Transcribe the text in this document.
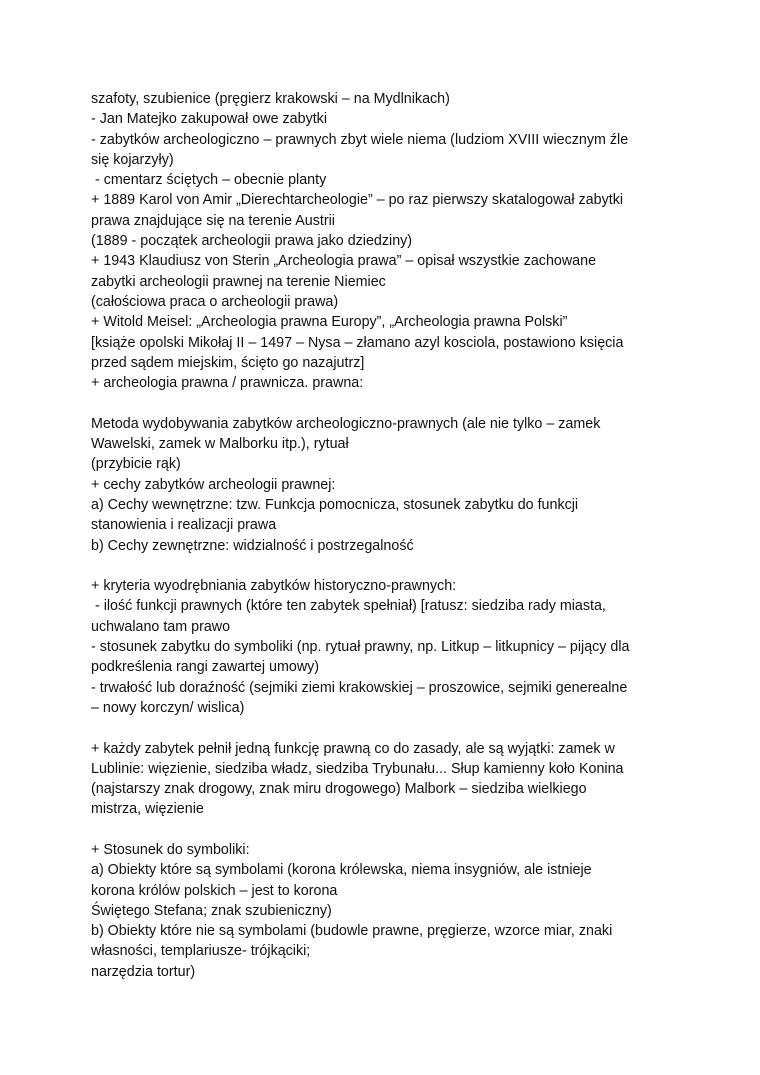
szafoty, szubienice (pręgierz krakowski – na Mydlnikach)
- Jan Matejko zakupował owe zabytki
- zabytków archeologiczno – prawnych zbyt wiele niema (ludziom XVIII wiecznym źle
się kojarzyły)
- cmentarz ściętych – obecnie planty
+ 1889 Karol von Amir „Dierechtarcheologie” – po raz pierwszy skatalogował zabytki
prawa znajdujące się na terenie Austrii
(1889 - początek archeologii prawa jako dziedziny)
+ 1943 Klaudiusz von Sterin „Archeologia prawa” – opisał wszystkie zachowane
zabytki archeologii prawnej na terenie Niemiec
(całościowa praca o archeologii prawa)
+ Witold Meisel: „Archeologia prawna Europy”, „Archeologia prawna Polski”
[książe opolski Mikołaj II – 1497 – Nysa – złamano azyl kosciola, postawiono księcia
przed sądem miejskim, ścięto go nazajutrz]
+ archeologia prawna / prawnicza. prawna:
Metoda wydobywania zabytków archeologiczno-prawnych (ale nie tylko – zamek
Wawelski, zamek w Malborku itp.), rytuał
(przybicie rąk)
+ cechy zabytków archeologii prawnej:
a) Cechy wewnętrzne: tzw. Funkcja pomocnicza, stosunek zabytku do funkcji
stanowienia i realizacji prawa
b) Cechy zewnętrzne: widzialność i postrzegalność
+ kryteria wyodrębniania zabytków historyczno-prawnych:
- ilość funkcji prawnych (które ten zabytek spełniał) [ratusz: siedziba rady miasta,
uchwalano tam prawo
- stosunek zabytku do symboliki (np. rytuał prawny, np. Litkup – litkupnicy – pijący dla
podkreślenia rangi zawartej umowy)
- trwałość lub doraźność (sejmiki ziemi krakowskiej – proszowice, sejmiki generealne
– nowy korczyn/ wislica)
+ każdy zabytek pełnił jedną funkcję prawną co do zasady, ale są wyjątki: zamek w
Lublinie: więzienie, siedziba władz, siedziba Trybunału... Słup kamienny koło Konina
(najstarszy znak drogowy, znak miru drogowego) Malbork – siedziba wielkiego
mistrza, więzienie
+ Stosunek do symboliki:
a) Obiekty które są symbolami (korona królewska, niema insygniów, ale istnieje
korona królów polskich – jest to korona
Świętego Stefana; znak szubieniczny)
b) Obiekty które nie są symbolami (budowle prawne, pręgierze, wzorce miar, znaki
własności, templariusze- trójkąciki;
narzędzia tortur)
